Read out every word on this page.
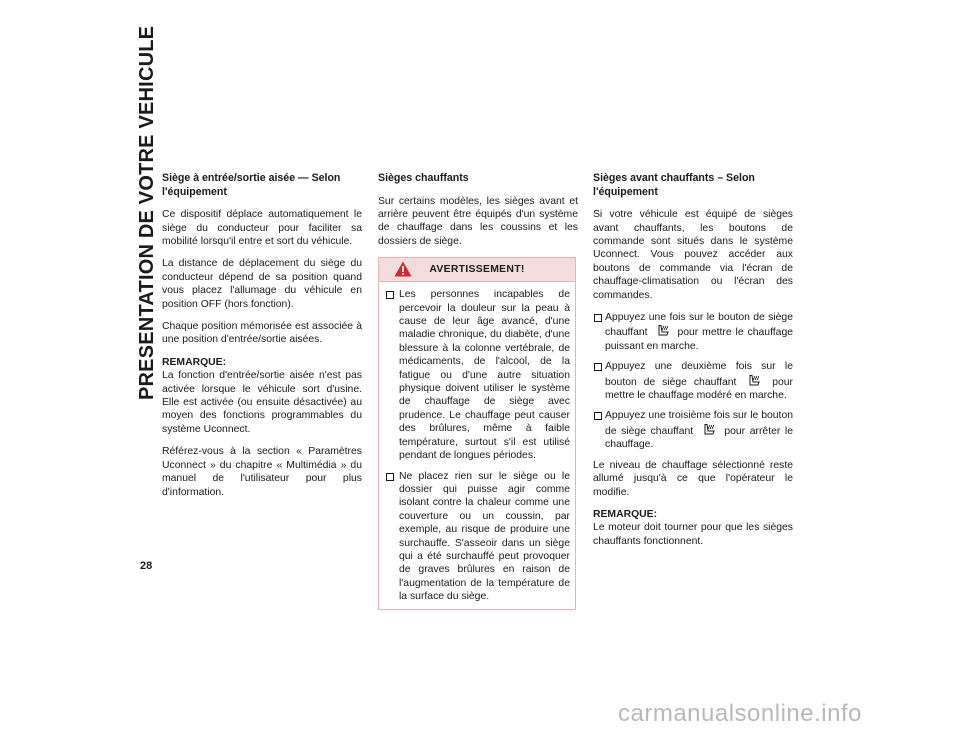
PRESENTATION DE VOTRE VEHICULE
28
Siège à entrée/sortie aisée — Selon l'équipement

Ce dispositif déplace automatiquement le siège du conducteur pour faciliter sa mobilité lorsqu'il entre et sort du véhicule.

La distance de déplacement du siège du conducteur dépend de sa position quand vous placez l'allumage du véhicule en position OFF (hors fonction).

Chaque position mémorisée est associée à une position d'entrée/sortie aisées.

REMARQUE:
La fonction d'entrée/sortie aisée n'est pas activée lorsque le véhicule sort d'usine. Elle est activée (ou ensuite désactivée) au moyen des fonctions programmables du système Uconnect.

Référez-vous à la section « Paramètres Uconnect » du chapitre « Multimédia » du manuel de l'utilisateur pour plus d'information.

Sièges chauffants

Sur certains modèles, les sièges avant et arrière peuvent être équipés d'un système de chauffage dans les coussins et les dossiers de siège.

AVERTISSEMENT!
Les personnes incapables de percevoir la douleur sur la peau à cause de leur âge avancé, d'une maladie chronique, du diabète, d'une blessure à la colonne vertébrale, de médicaments, de l'alcool, de la fatigue ou d'une autre situation physique doivent utiliser le système de chauffage de siège avec prudence. Le chauffage peut causer des brûlures, même à faible température, surtout s'il est utilisé pendant de longues périodes.
Ne placez rien sur le siège ou le dossier qui puisse agir comme isolant contre la chaleur comme une couverture ou un coussin, par exemple, au risque de produire une surchauffe. S'asseoir dans un siège qui a été surchauffé peut provoquer de graves brûlures en raison de l'augmentation de la température de la surface du siège.
Sièges avant chauffants – Selon l'équipement

Si votre véhicule est équipé de sièges avant chauffants, les boutons de commande sont situés dans le système Uconnect. Vous pouvez accéder aux boutons de commande via l'écran de chauffage-climatisation ou l'écran des commandes.

Appuyez une fois sur le bouton de siège chauffant	pour mettre le chauffage puissant en marche.
Appuyez une deuxième fois sur le bouton de siège chauffant	pour mettre le chauffage modéré en marche.
Appuyez une troisième fois sur le bouton de siège chauffant	pour arrêter le chauffage.

Le niveau de chauffage sélectionné reste allumé jusqu'à ce que l'opérateur le modifie.

REMARQUE:
Le moteur doit tourner pour que les sièges chauffants fonctionnent.

carmanualsonline.info
